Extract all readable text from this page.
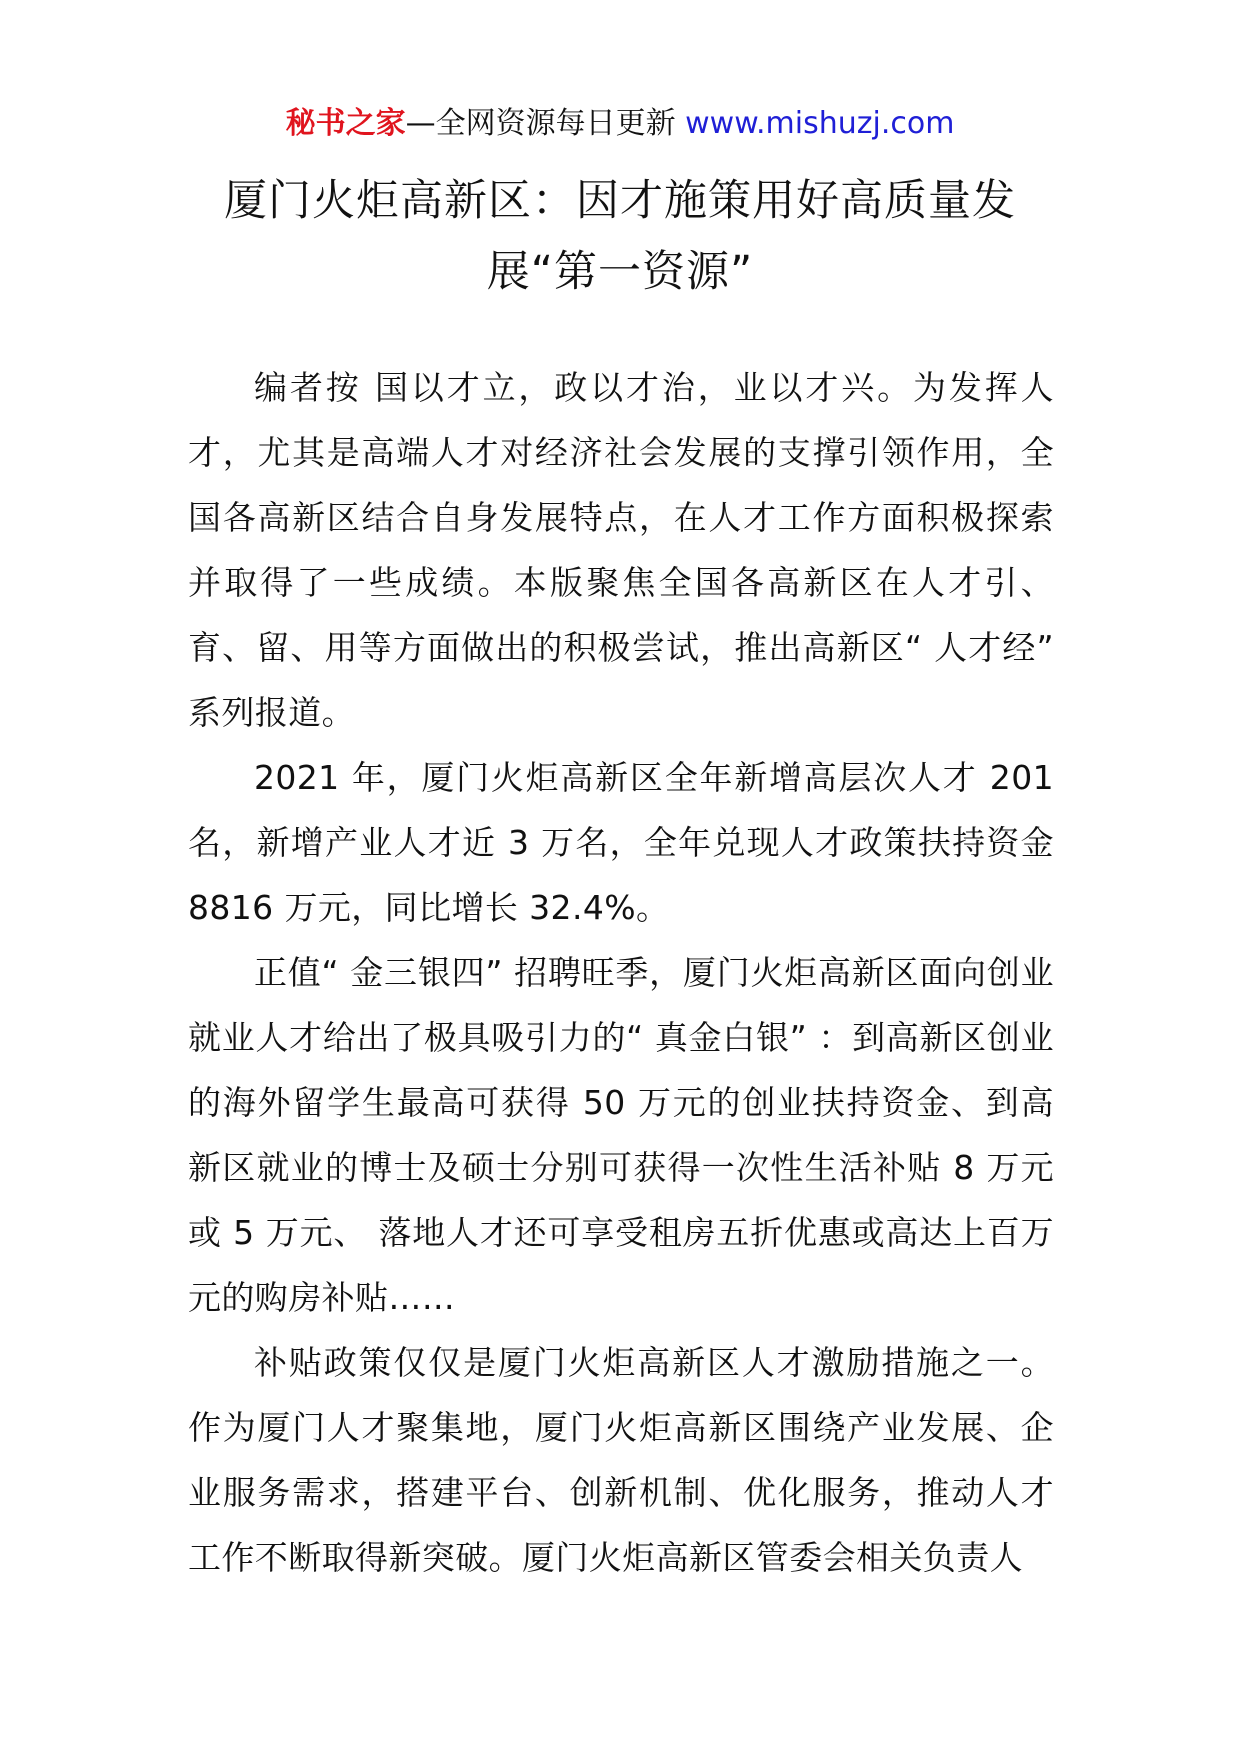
秘书之家—全网资源每日更新 www.mishuzj.com
厦门火炬高新区：因才施策用好高质量发展“第一资源”

编者按 国以才立，政以才治，业以才兴。为发挥人才，尤其是高端人才对经济社会发展的支撑引领作用，全国各高新区结合自身发展特点，在人才工作方面积极探索并取得了一些成绩。本版聚焦全国各高新区在人才引、育、留、用等方面做出的积极尝试，推出高新区“ 人才经” 系列报道。

2021 年，厦门火炬高新区全年新增高层次人才 201 名，新增产业人才近 3 万名，全年兑现人才政策扶持资金 8816 万元，同比增长 32.4%。

正值“ 金三银四” 招聘旺季，厦门火炬高新区面向创业就业人才给出了极具吸引力的“ 真金白银” ：到高新区创业的海外留学生最高可获得 50 万元的创业扶持资金、到高新区就业的博士及硕士分别可获得一次性生活补贴 8 万元或 5 万元、 落地人才还可享受租房五折优惠或高达上百万元的购房补贴……

补贴政策仅仅是厦门火炬高新区人才激励措施之一。作为厦门人才聚集地，厦门火炬高新区围绕产业发展、企业服务需求，搭建平台、创新机制、优化服务，推动人才工作不断取得新突破。厦门火炬高新区管委会相关负责人
